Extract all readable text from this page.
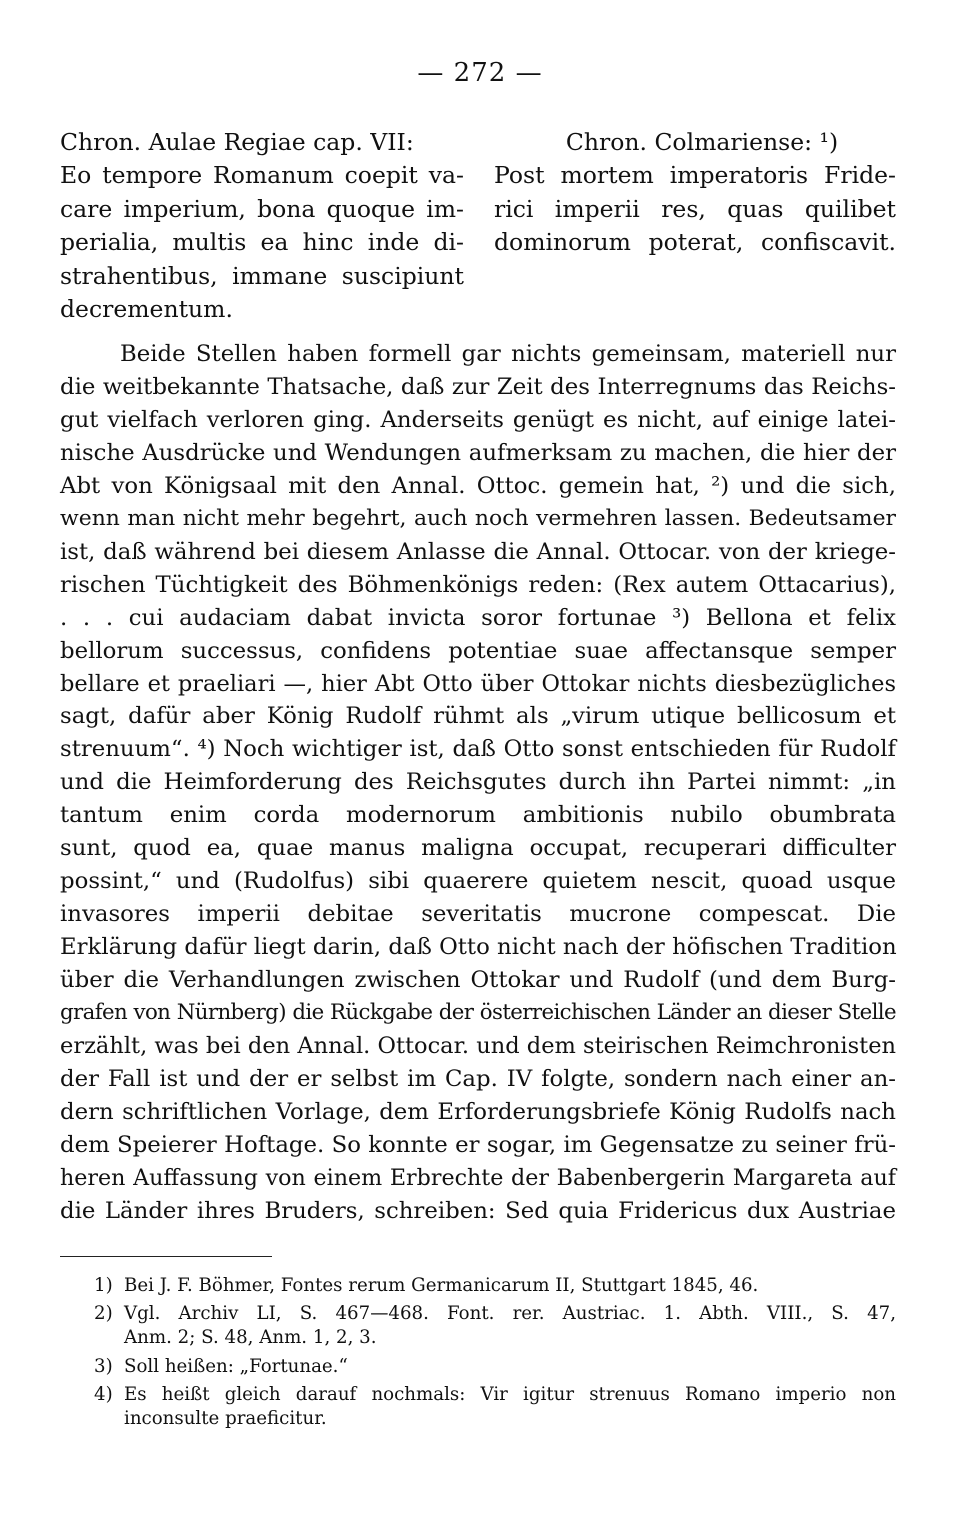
— 272 —
Chron. Aulae Regiae cap. VII:
Eo tempore Romanum coepit va-
care imperium, bona quoque im-
perialia, multis ea hinc inde di-
strahentibus, immane suscipiunt
decrementum.
Chron. Colmariense: ¹)
Post mortem imperatoris Fride-
rici imperii res, quas quilibet
dominorum poterat, confiscavit.
Beide Stellen haben formell gar nichts gemeinsam, materiell nur
die weitbekannte Thatsache, daß zur Zeit des Interregnums das Reichs-
gut vielfach verloren ging. Anderseits genügt es nicht, auf einige latei-
nische Ausdrücke und Wendungen aufmerksam zu machen, die hier der
Abt von Königsaal mit den Annal. Ottoc. gemein hat, ²) und die sich,
wenn man nicht mehr begehrt, auch noch vermehren lassen. Bedeutsamer
ist, daß während bei diesem Anlasse die Annal. Ottocar. von der kriege-
rischen Tüchtigkeit des Böhmenkönigs reden: (Rex autem Ottacarius),
. . . cui audaciam dabat invicta soror fortunae ³) Bellona et felix
bellorum successus, confidens potentiae suae affectansque semper
bellare et praeliari —, hier Abt Otto über Ottokar nichts diesbezügliches
sagt, dafür aber König Rudolf rühmt als „virum utique bellicosum et
strenuum“. ⁴) Noch wichtiger ist, daß Otto sonst entschieden für Rudolf
und die Heimforderung des Reichsgutes durch ihn Partei nimmt: „in
tantum enim corda modernorum ambitionis nubilo obumbrata
sunt, quod ea, quae manus maligna occupat, recuperari difficulter
possint,“ und (Rudolfus) sibi quaerere quietem nescit, quoad usque
invasores imperii debitae severitatis mucrone compescat. Die
Erklärung dafür liegt darin, daß Otto nicht nach der höfischen Tradition
über die Verhandlungen zwischen Ottokar und Rudolf (und dem Burg-
grafen von Nürnberg) die Rückgabe der österreichischen Länder an dieser Stelle
erzählt, was bei den Annal. Ottocar. und dem steirischen Reimchronisten
der Fall ist und der er selbst im Cap. IV folgte, sondern nach einer an-
dern schriftlichen Vorlage, dem Erforderungsbriefe König Rudolfs nach
dem Speierer Hoftage. So konnte er sogar, im Gegensatze zu seiner frü-
heren Auffassung von einem Erbrechte der Babenbergerin Margareta auf
die Länder ihres Bruders, schreiben: Sed quia Fridericus dux Austriae
1) Bei J. F. Böhmer, Fontes rerum Germanicarum II, Stuttgart 1845, 46.
2) Vgl. Archiv LI, S. 467—468. Font. rer. Austriac. 1. Abth. VIII., S. 47,
Anm. 2; S. 48, Anm. 1, 2, 3.
3) Soll heißen: „Fortunae.“
4) Es heißt gleich darauf nochmals: Vir igitur strenuus Romano imperio non
inconsulte praeficitur.
